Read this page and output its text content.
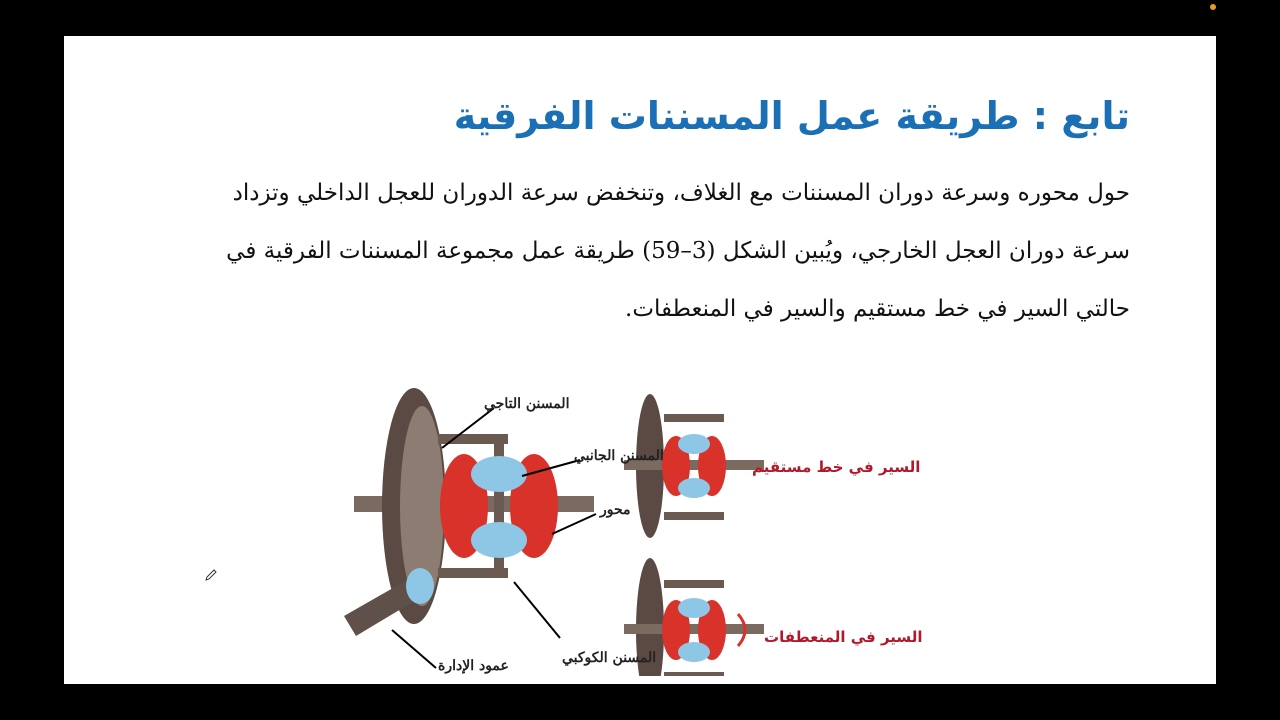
تابع : طريقة عمل المسننات الفرقية
حول محوره وسرعة دوران المسننات مع الغلاف، وتنخفض سرعة الدوران للعجل الداخلي وتزداد
سرعة دوران العجل الخارجي، ويُبين الشكل (3–59) طريقة عمل مجموعة المسننات الفرقية في
حالتي السير في خط مستقيم والسير في المنعطفات.
المسنن التاجي
المسنن الجانبي
محور
المسنن الكوكبي
عمود الإدارة
السير في خط مستقيم
السير في المنعطفات
